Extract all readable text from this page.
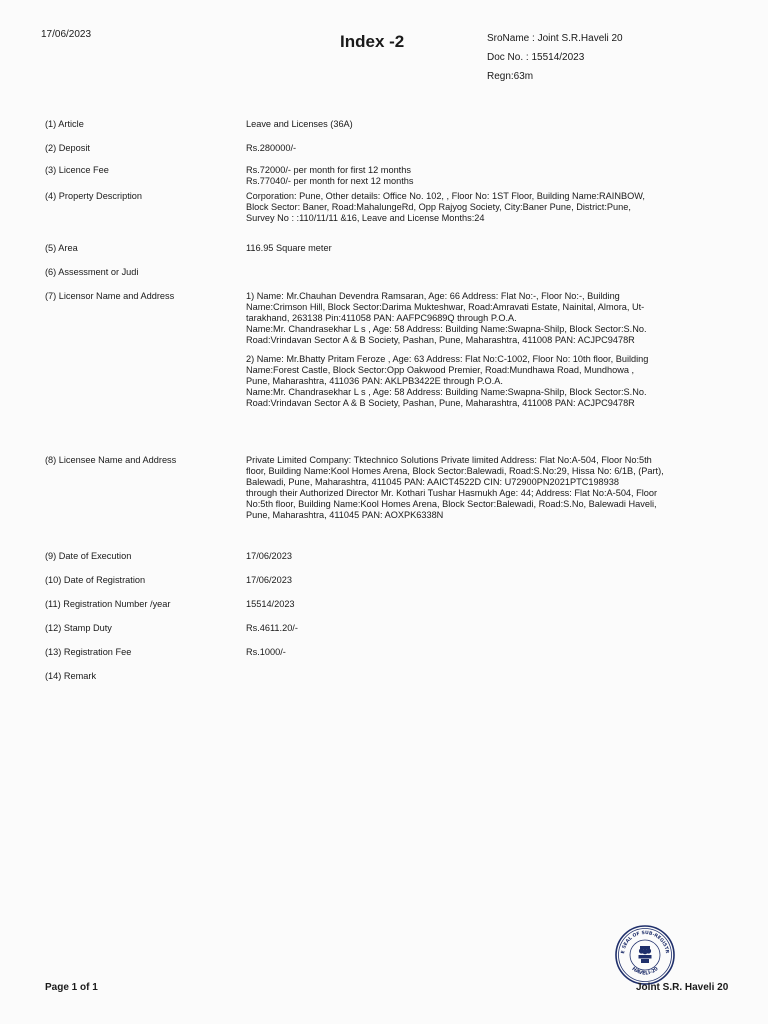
17/06/2023	Index -2	SroName : Joint S.R.Haveli 20
Doc No. : 15514/2023
Regn:63m
(1) Article	Leave and Licenses (36A)
(2) Deposit	Rs.280000/-
(3) Licence Fee	Rs.72000/- per month for first 12 months

Rs.77040/- per month for next 12 months

(4) Property Description	Corporation: Pune, Other details: Office No. 102, , Floor No: 1ST Floor, Building Name:RAINBOW,

Block Sector: Baner, Road:MahalungeRd, Opp Rajyog Society, City:Baner Pune, District:Pune,

Survey No : :110/11/11 &16, Leave and License Months:24

(5) Area	116.95 Square meter
(6) Assessment or Judi
(7) Licensor Name and Address	1) Name: Mr.Chauhan Devendra Ramsaran, Age: 66 Address: Flat No:-, Floor No:-, Building

Name:Crimson Hill, Block Sector:Darima Mukteshwar, Road:Amravati Estate, Nainital, Almora, Ut-

tarakhand, 263138 Pin:411058 PAN: AAFPC9689Q through P.O.A.

Name:Mr. Chandrasekhar L s , Age: 58 Address: Building Name:Swapna-Shilp, Block Sector:S.No.

Road:Vrindavan Sector A & B Society, Pashan, Pune, Maharashtra, 411008 PAN: ACJPC9478R

2) Name: Mr.Bhatty Pritam Feroze , Age: 63 Address: Flat No:C-1002, Floor No: 10th floor, Building

Name:Forest Castle, Block Sector:Opp Oakwood Premier, Road:Mundhawa Road, Mundhowa ,

Pune, Maharashtra, 411036 PAN: AKLPB3422E through P.O.A.

Name:Mr. Chandrasekhar L s , Age: 58 Address: Building Name:Swapna-Shilp, Block Sector:S.No.

Road:Vrindavan Sector A & B Society, Pashan, Pune, Maharashtra, 411008 PAN: ACJPC9478R

(8) Licensee Name and Address	Private Limited Company: Tktechnico Solutions Private limited Address: Flat No:A-504, Floor No:5th

floor, Building Name:Kool Homes Arena, Block Sector:Balewadi, Road:S.No:29, Hissa No: 6/1B, (Part),

Balewadi, Pune, Maharashtra, 411045 PAN: AAICT4522D CIN: U72900PN2021PTC198938

through their Authorized Director Mr. Kothari Tushar Hasmukh Age: 44; Address: Flat No:A-504, Floor

No:5th floor, Building Name:Kool Homes Arena, Block Sector:Balewadi, Road:S.No, Balewadi Haveli,

Pune, Maharashtra, 411045 PAN: AOXPK6338N

(9) Date of Execution	17/06/2023
(10) Date of Registration	17/06/2023
(11) Registration Number /year	15514/2023
(12) Stamp Duty	Rs.4611.20/-
(13) Registration Fee	Rs.1000/-
(14) Remark
E SEAL OF SUB-REGISTR
HAVELI-20
Page 1 of 1	Joint S.R. Haveli 20
